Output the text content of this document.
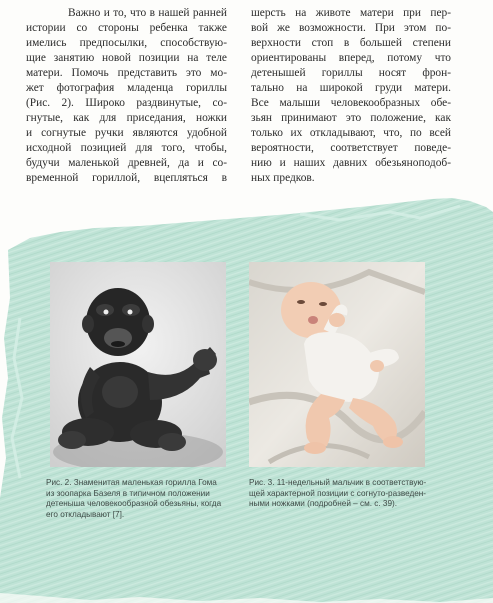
Важно и то, что в нашей ранней
истории со стороны ребенка также
имелись предпосылки, способствую-
щие занятию новой позиции на теле
матери. Помочь представить это мо-
жет фотография младенца гориллы
(Рис. 2). Широко раздвинутые, со-
гнутые, как для приседания, ножки
и согнутые ручки являются удобной
исходной позицией для того, чтобы,
будучи маленькой древней, да и со-
временной гориллой, вцепляться в
шерсть на животе матери при пер-
вой же возможности. При этом по-
верхности стоп в большей степени
ориентированы вперед, потому что
детенышей гориллы носят фрон-
тально на широкой груди матери.
Все малыши человекообразных обе-
зьян принимают это положение, как
только их откладывают, что, по всей
вероятности, соответствует поведе-
нию и наших давних обезьяноподоб-
ных предков.
Рис. 2. Знаменитая маленькая горилла Гома
из зоопарка Базеля в типичном положении
детеныша человекообразной обезьяны, когда
его откладывают [7].
Рис. 3. 11-недельный мальчик в соответствую-
щей характерной позиции с согнуто-разведен-
ными ножками (подробней – см. с. 39).
